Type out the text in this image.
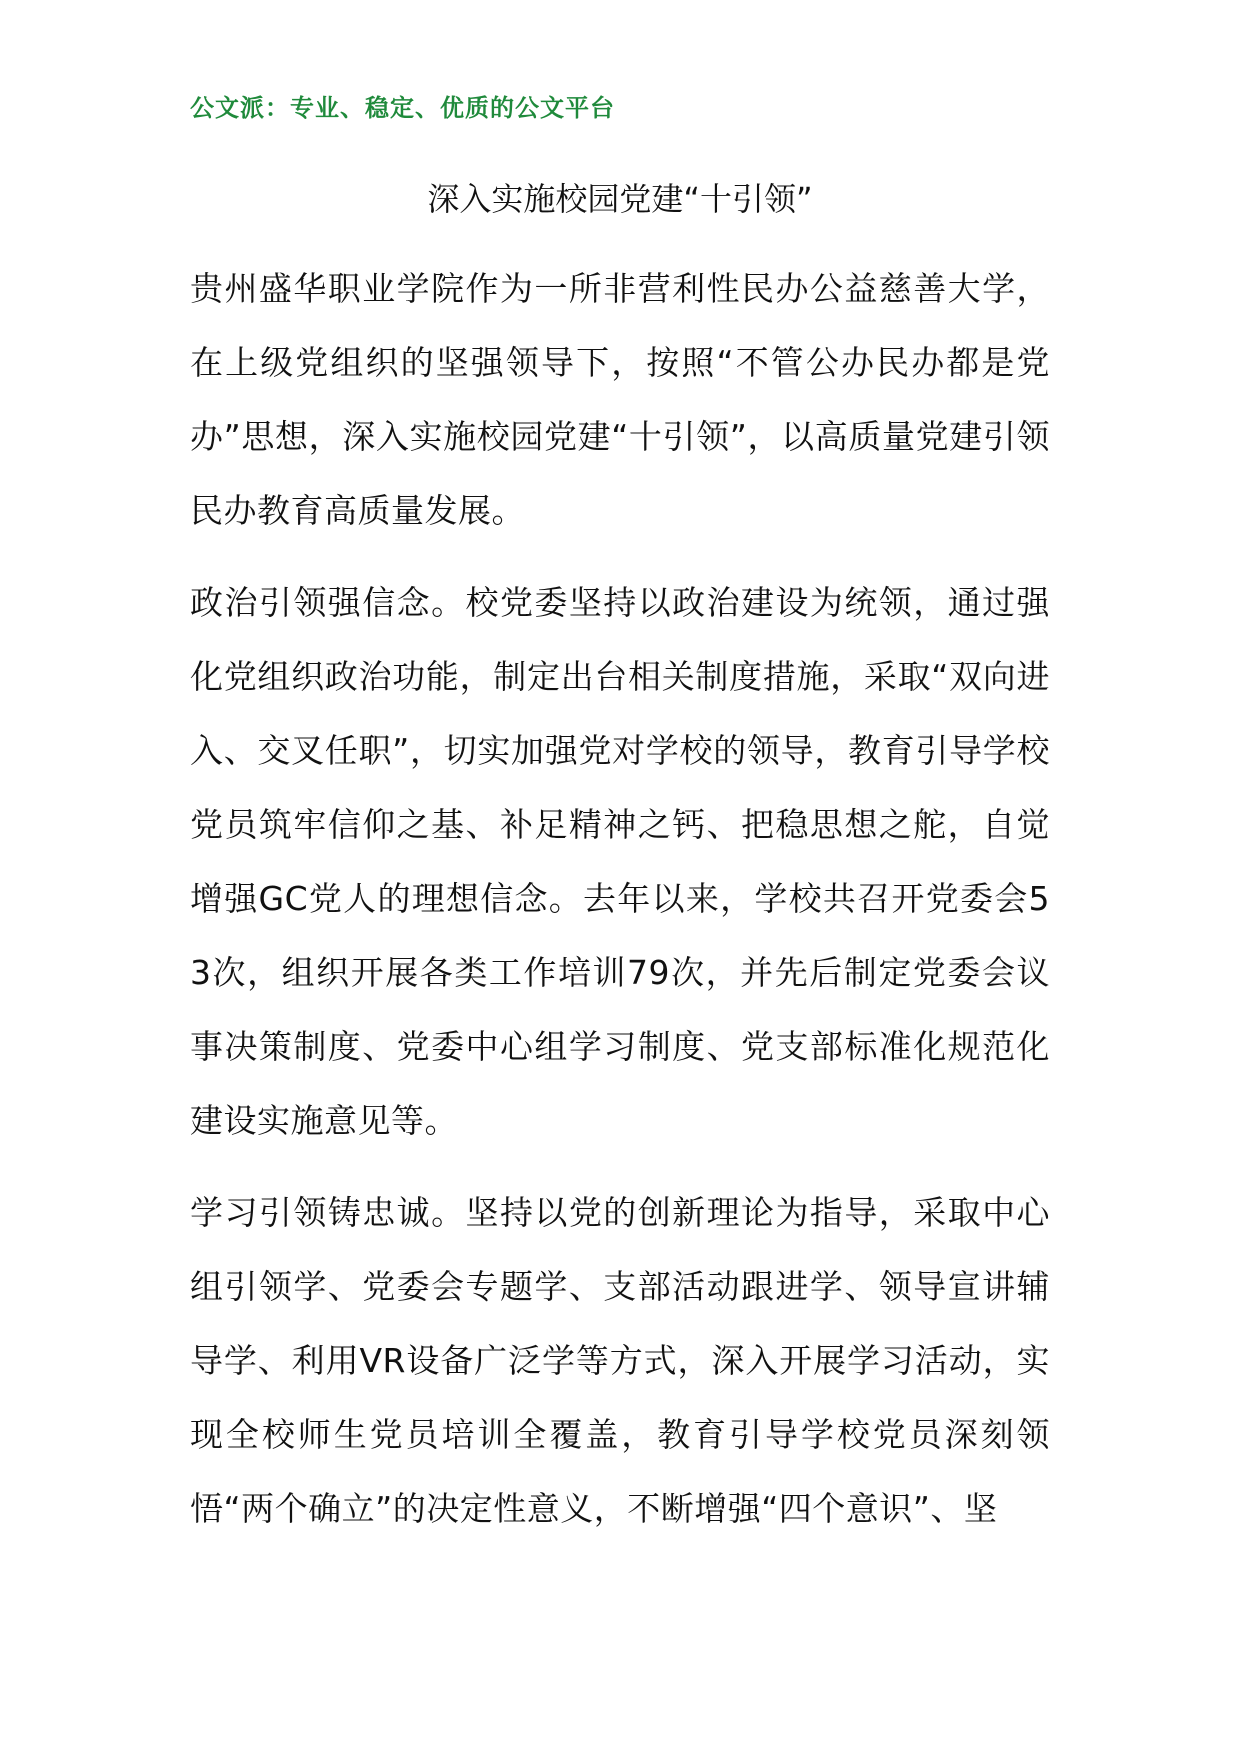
公文派：专业、稳定、优质的公文平台
深入实施校园党建“十引领”

贵州盛华职业学院作为一所非营利性民办公益慈善大学，在上级党组织的坚强领导下，按照“不管公办民办都是党办”思想，深入实施校园党建“十引领”，以高质量党建引领民办教育高质量发展。

政治引领强信念。校党委坚持以政治建设为统领，通过强化党组织政治功能，制定出台相关制度措施，采取“双向进入、交叉任职”，切实加强党对学校的领导，教育引导学校党员筑牢信仰之基、补足精神之钙、把稳思想之舵，自觉增强GC党人的理想信念。去年以来，学校共召开党委会53次，组织开展各类工作培训79次，并先后制定党委会议事决策制度、党委中心组学习制度、党支部标准化规范化建设实施意见等。

学习引领铸忠诚。坚持以党的创新理论为指导，采取中心组引领学、党委会专题学、支部活动跟进学、领导宣讲辅导学、利用VR设备广泛学等方式，深入开展学习活动，实现全校师生党员培训全覆盖，教育引导学校党员深刻领悟“两个确立”的决定性意义，不断增强“四个意识”、坚
